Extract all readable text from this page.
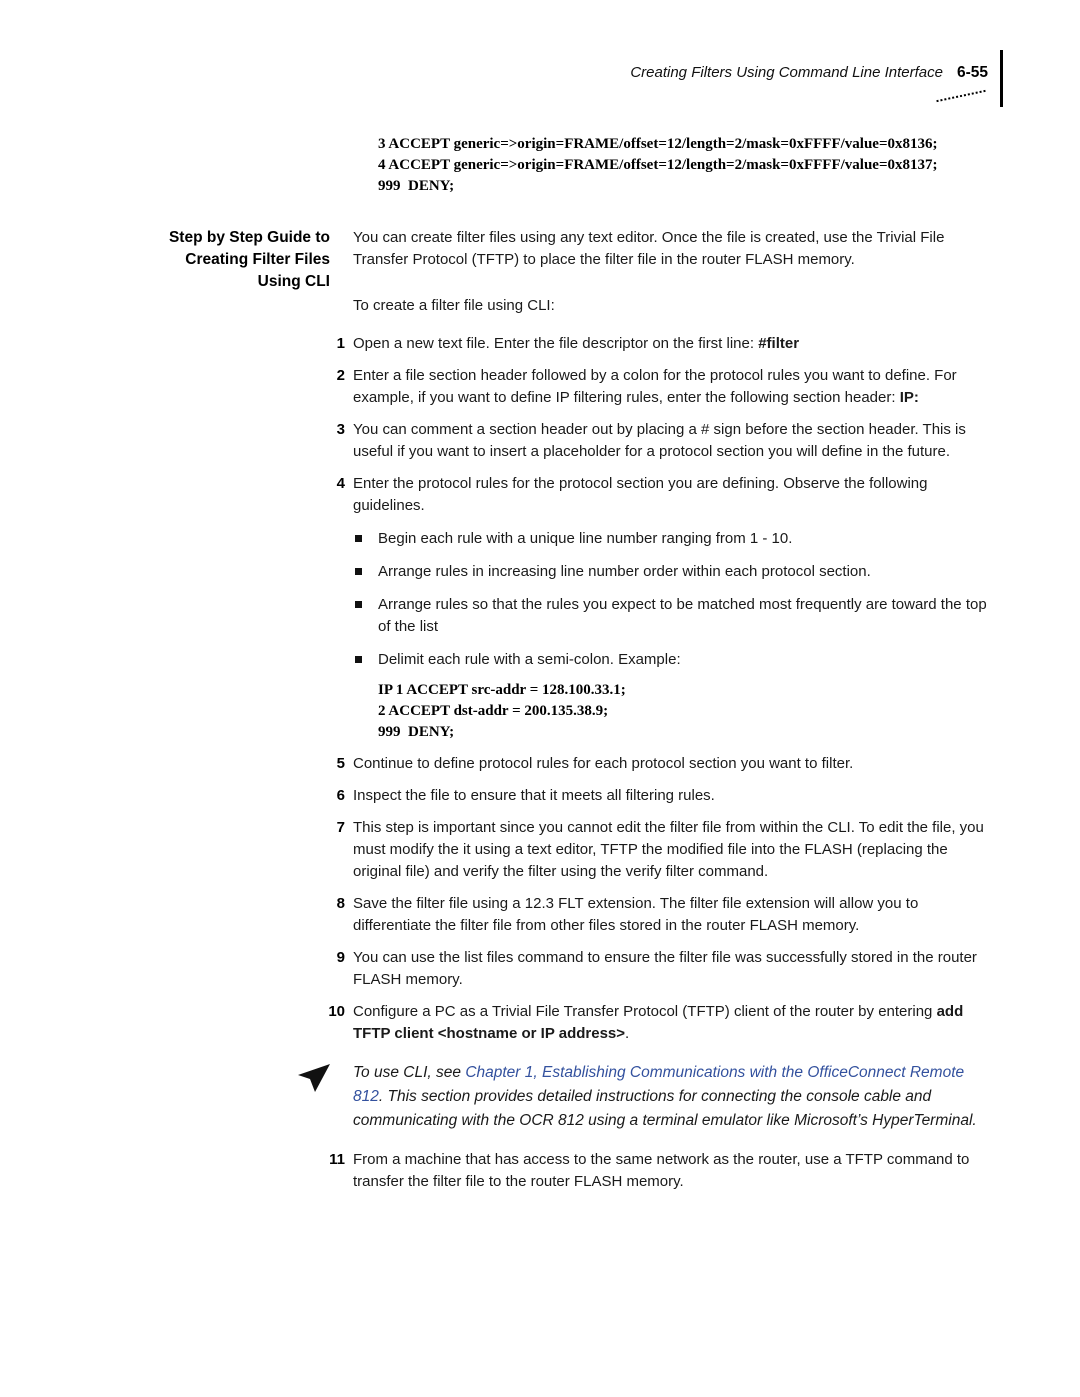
Creating Filters Using Command Line Interface 6-55
Step by Step Guide to
Creating Filter Files
Using CLI
3 ACCEPT generic=>origin=FRAME/offset=12/length=2/mask=0xFFFF/value=0x8136;
4 ACCEPT generic=>origin=FRAME/offset=12/length=2/mask=0xFFFF/value=0x8137;
999  DENY;

You can create filter files using any text editor. Once the file is created, use the Trivial File Transfer Protocol (TFTP) to place the filter file in the router FLASH memory.

To create a filter file using CLI:

1 Open a new text file. Enter the file descriptor on the first line: #filter
2 Enter a file section header followed by a colon for the protocol rules you want to define. For example, if you want to define IP filtering rules, enter the following section header: IP:
3 You can comment a section header out by placing a # sign before the section header. This is useful if you want to insert a placeholder for a protocol section you will define in the future.
4 Enter the protocol rules for the protocol section you are defining. Observe the following guidelines.
Begin each rule with a unique line number ranging from 1 - 10.
Arrange rules in increasing line number order within each protocol section.
Arrange rules so that the rules you expect to be matched most frequently are toward the top of the list
Delimit each rule with a semi-colon. Example:
IP 1 ACCEPT src-addr = 128.100.33.1;
2 ACCEPT dst-addr = 200.135.38.9;
999  DENY;
5 Continue to define protocol rules for each protocol section you want to filter.
6 Inspect the file to ensure that it meets all filtering rules.
7 This step is important since you cannot edit the filter file from within the CLI. To edit the file, you must modify the it using a text editor, TFTP the modified file into the FLASH (replacing the original file) and verify the filter using the verify filter command.
8 Save the filter file using a 12.3 FLT extension. The filter file extension will allow you to differentiate the filter file from other files stored in the router FLASH memory.
9 You can use the list files command to ensure the filter file was successfully stored in the router FLASH memory.
10 Configure a PC as a Trivial File Transfer Protocol (TFTP) client of the router by entering add TFTP client <hostname or IP address>.
To use CLI, see Chapter 1, Establishing Communications with the OfficeConnect Remote 812. This section provides detailed instructions for connecting the console cable and communicating with the OCR 812 using a terminal emulator like Microsoft’s HyperTerminal.
11 From a machine that has access to the same network as the router, use a TFTP command to transfer the filter file to the router FLASH memory.
